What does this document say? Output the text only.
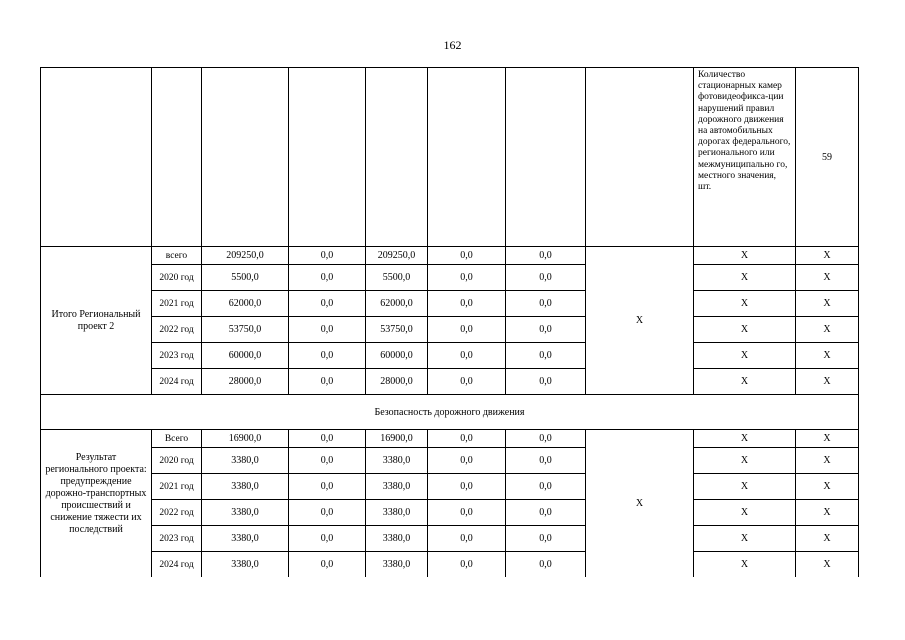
162
								Количество стационарных камер фотовидеофикса-ции нарушений правил дорожного движения на автомобильных дорогах федерального, регионального или межмуниципально го, местного значения, шт.	59
Итого Региональный проект 2	всего	209250,0	0,0	209250,0	0,0	0,0	X	X	X
	2020 год	5500,0	0,0	5500,0	0,0	0,0		X	X
	2021 год	62000,0	0,0	62000,0	0,0	0,0		X	X
	2022 год	53750,0	0,0	53750,0	0,0	0,0		X	X
	2023 год	60000,0	0,0	60000,0	0,0	0,0		X	X
	2024 год	28000,0	0,0	28000,0	0,0	0,0		X	X
Безопасность дорожного движения									
Результат регионального проекта: предупреждение дорожно-транспортных происшествий и снижение тяжести их последствий	Всего	16900,0	0,0	16900,0	0,0	0,0	X	X	X
	2020 год	3380,0	0,0	3380,0	0,0	0,0		X	X
	2021 год	3380,0	0,0	3380,0	0,0	0,0		X	X
	2022 год	3380,0	0,0	3380,0	0,0	0,0		X	X
	2023 год	3380,0	0,0	3380,0	0,0	0,0		X	X
	2024 год	3380,0	0,0	3380,0	0,0	0,0		X	X
